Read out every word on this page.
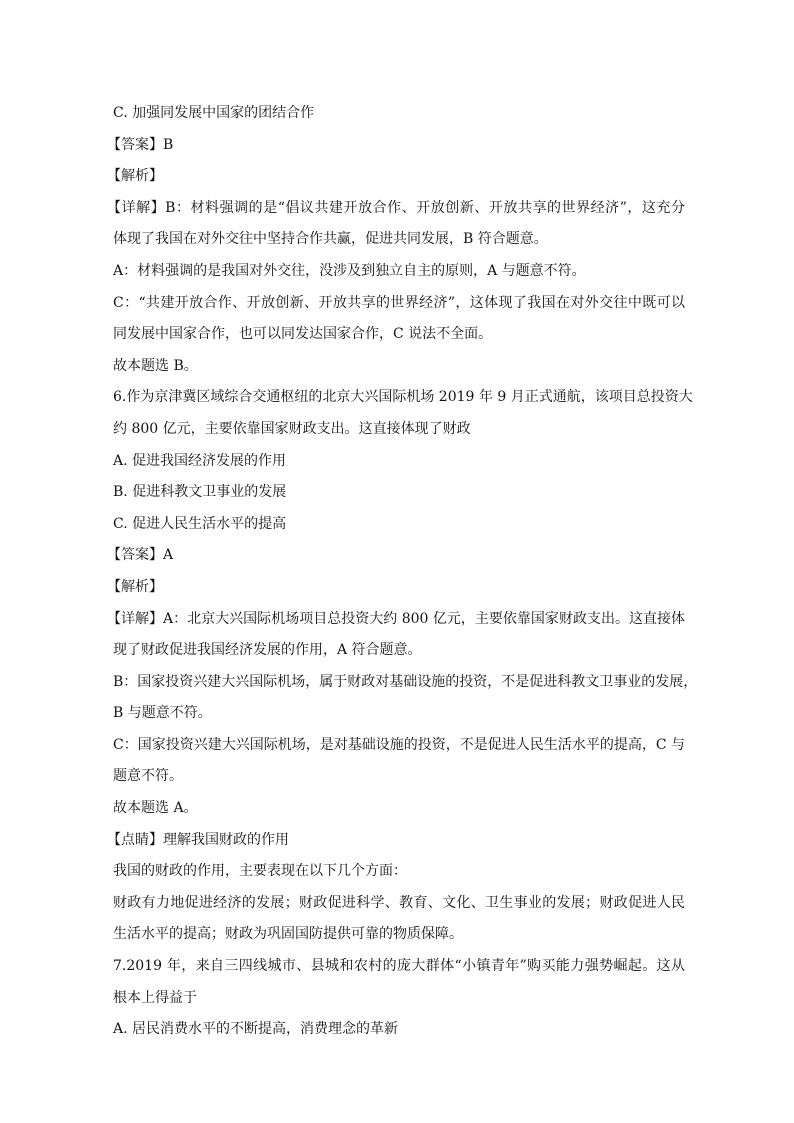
C. 加强同发展中国家的团结合作
【答案】B
【解析】
【详解】B：材料强调的是“倡议共建开放合作、开放创新、开放共享的世界经济”，这充分
体现了我国在对外交往中坚持合作共赢，促进共同发展，B 符合题意。
A：材料强调的是我国对外交往，没涉及到独立自主的原则，A 与题意不符。
C：“共建开放合作、开放创新、开放共享的世界经济”，这体现了我国在对外交往中既可以
同发展中国家合作，也可以同发达国家合作，C 说法不全面。
故本题选 B。
6.作为京津冀区域综合交通枢纽的北京大兴国际机场 2019 年 9 月正式通航，该项目总投资大
约 800 亿元，主要依靠国家财政支出。这直接体现了财政
A. 促进我国经济发展的作用
B. 促进科教文卫事业的发展
C. 促进人民生活水平的提高
【答案】A
【解析】
【详解】A：北京大兴国际机场项目总投资大约 800 亿元，主要依靠国家财政支出。这直接体
现了财政促进我国经济发展的作用，A 符合题意。
B：国家投资兴建大兴国际机场，属于财政对基础设施的投资，不是促进科教文卫事业的发展，
B 与题意不符。
C：国家投资兴建大兴国际机场，是对基础设施的投资，不是促进人民生活水平的提高，C 与
题意不符。
故本题选 A。
【点睛】理解我国财政的作用
我国的财政的作用，主要表现在以下几个方面：
财政有力地促进经济的发展；财政促进科学、教育、文化、卫生事业的发展；财政促进人民
生活水平的提高；财政为巩固国防提供可靠的物质保障。
7.2019 年，来自三四线城市、县城和农村的庞大群体“小镇青年”购买能力强势崛起。这从
根本上得益于
A. 居民消费水平的不断提高，消费理念的革新
